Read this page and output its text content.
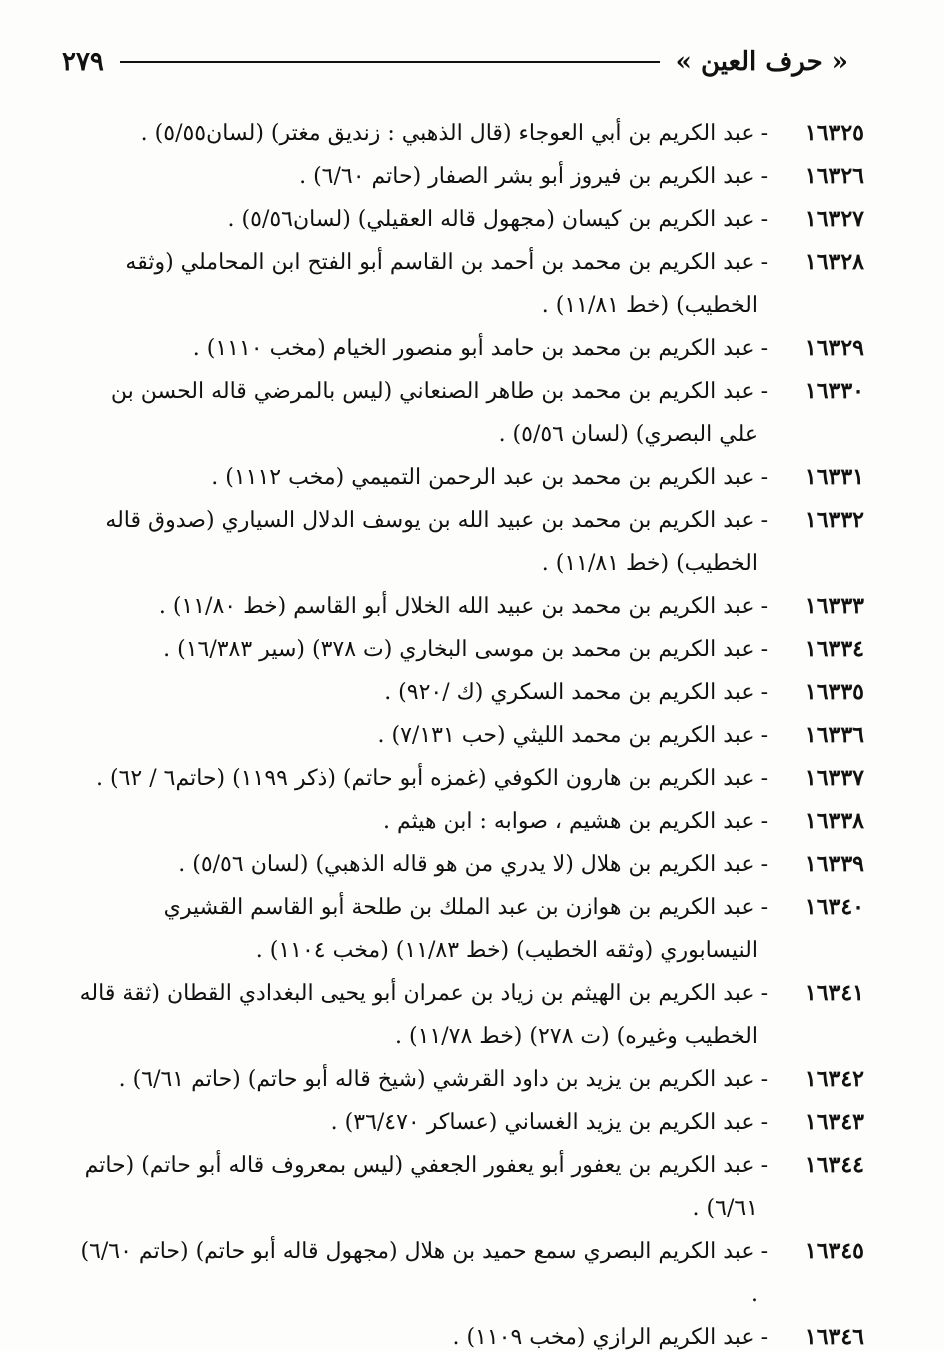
« حرف العين »
٢٧٩
١٦٣٢٥-عبد الكريم بن أبي العوجاء (قال الذهبي : زنديق مغتر) (لسان٥/٥٥) .
١٦٣٢٦-عبد الكريم بن فيروز أبو بشر الصفار (حاتم ٦/٦٠) .
١٦٣٢٧-عبد الكريم بن كيسان (مجهول قاله العقيلي) (لسان٥/٥٦) .
١٦٣٢٨-عبد الكريم بن محمد بن أحمد بن القاسم أبو الفتح ابن المحاملي (وثقه الخطيب) (خط ١١/٨١) .
١٦٣٢٩-عبد الكريم بن محمد بن حامد أبو منصور الخيام (مخب ١١١٠) .
١٦٣٣٠-عبد الكريم بن محمد بن طاهر الصنعاني (ليس بالمرضي قاله الحسن بن علي البصري) (لسان ٥/٥٦) .
١٦٣٣١-عبد الكريم بن محمد بن عبد الرحمن التميمي (مخب ١١١٢) .
١٦٣٣٢-عبد الكريم بن محمد بن عبيد الله بن يوسف الدلال السياري (صدوق قاله الخطيب) (خط ١١/٨١) .
١٦٣٣٣-عبد الكريم بن محمد بن عبيد الله الخلال أبو القاسم (خط ١١/٨٠) .
١٦٣٣٤-عبد الكريم بن محمد بن موسى البخاري (ت ٣٧٨) (سير ١٦/٣٨٣) .
١٦٣٣٥-عبد الكريم بن محمد السكري (ك /٩٢٠) .
١٦٣٣٦-عبد الكريم بن محمد الليثي (حب ٧/١٣١) .
١٦٣٣٧-عبد الكريم بن هارون الكوفي (غمزه أبو حاتم) (ذكر ١١٩٩) (حاتم٦ / ٦٢) .
١٦٣٣٨-عبد الكريم بن هشيم ، صوابه : ابن هيثم .
١٦٣٣٩-عبد الكريم بن هلال (لا يدري من هو قاله الذهبي) (لسان ٥/٥٦) .
١٦٣٤٠-عبد الكريم بن هوازن بن عبد الملك بن طلحة أبو القاسم القشيري النيسابوري (وثقه الخطيب) (خط ١١/٨٣) (مخب ١١٠٤) .
١٦٣٤١-عبد الكريم بن الهيثم بن زياد بن عمران أبو يحيى البغدادي القطان (ثقة قاله الخطيب وغيره) (ت ٢٧٨) (خط ١١/٧٨) .
١٦٣٤٢-عبد الكريم بن يزيد بن داود القرشي (شيخ قاله أبو حاتم) (حاتم ٦/٦١) .
١٦٣٤٣-عبد الكريم بن يزيد الغساني (عساكر ٣٦/٤٧٠) .
١٦٣٤٤-عبد الكريم بن يعفور أبو يعفور الجعفي (ليس بمعروف قاله أبو حاتم) (حاتم ٦/٦١) .
١٦٣٤٥-عبد الكريم البصري سمع حميد بن هلال (مجهول قاله أبو حاتم) (حاتم ٦/٦٠) .
١٦٣٤٦-عبد الكريم الرازي (مخب ١١٠٩) .
